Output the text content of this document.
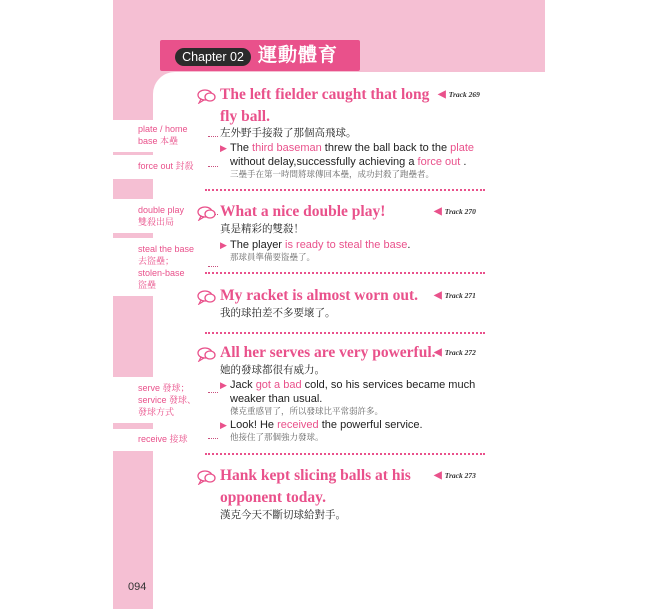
Chapter 02 運動體育
plate / home
base 本壘
force out 封殺
double play
雙殺出局
steal the base
去盜壘；
stolen-base
盜壘
serve 發球；
service 發球、
發球方式
receive 接球
The left fielder caught that long fly ball.
◀︎ Track 269
左外野手接殺了那個高飛球。
▶ The third baseman threw the ball back to the plate without delay,successfully achieving a force out .
三壘手在第一時間將球傳回本壘，成功封殺了跑壘者。
What a nice double play!	◀︎ Track 270
真是精彩的雙殺！
▶ The player is ready to steal the base.
那球員準備要盜壘了。
My racket is almost worn out. ◀︎ Track 271
我的球拍差不多要壞了。
All her serves are very powerful.
◀︎ Track 272
她的發球都很有威力。
▶ Jack got a bad cold, so his services became much weaker than usual.
傑克重感冒了，所以發球比平常弱許多。
▶ Look! He received the powerful service.
他接住了那個強力發球。
Hank kept slicing balls at his opponent today.
◀︎ Track 273
漢克今天不斷切球給對手。
094
